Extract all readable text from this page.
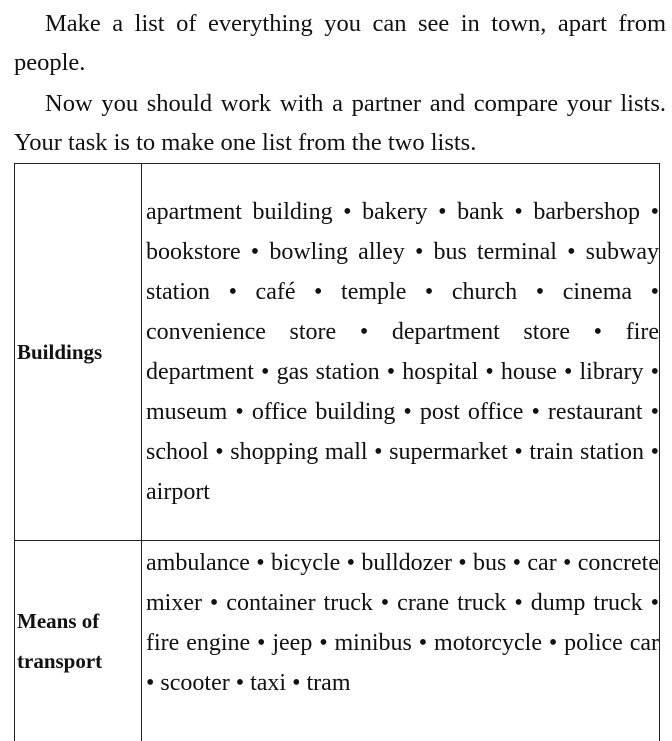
Make a list of everything you can see in town, apart from people.

Now you should work with a partner and compare your lists. Your task is to make one list from the two lists.

Buildings	apartment building • bakery • bank • barbershop • bookstore • bowling alley • bus terminal • subway station • café • temple • church • cinema • convenience store • department store • fire department • gas station • hospital • house • library • museum • office building • post office • restaurant • school • shopping mall • supermarket • train station • airport
Means of
transport	ambulance • bicycle • bulldozer • bus • car • concrete mixer • container truck • crane truck • dump truck • fire engine • jeep • minibus • motorcycle • police car • scooter • taxi • tram
